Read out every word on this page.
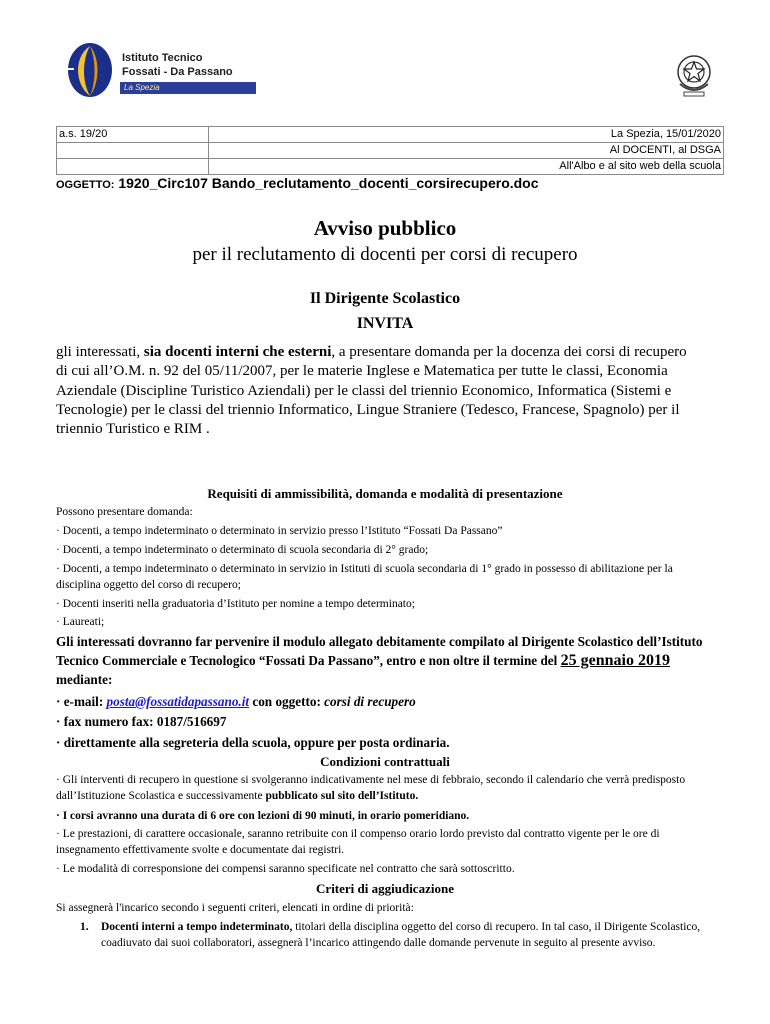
Istituto Tecnico
Fossati - Da Passano
La Spezia
a.s. 19/20	La Spezia, 15/01/2020
	Al DOCENTI, al DSGA
	All'Albo e al sito web della scuola
OGGETTO: 1920_Circ107 Bando_reclutamento_docenti_corsirecupero.doc
Avviso pubblico
per il reclutamento di docenti per corsi di recupero
Il Dirigente Scolastico
INVITA
gli interessati, sia docenti interni che esterni, a presentare domanda per la docenza dei corsi di recupero di cui all’O.M. n. 92 del 05/11/2007, per le materie Inglese e Matematica per tutte le classi, Economia Aziendale (Discipline Turistico Aziendali) per le classi del triennio Economico, Informatica (Sistemi e Tecnologie) per le classi del triennio Informatico, Lingue Straniere (Tedesco, Francese, Spagnolo) per il triennio Turistico e RIM .
Requisiti di ammissibilità, domanda e modalità di presentazione
Possono presentare domanda:
· Docenti, a tempo indeterminato o determinato in servizio presso l’Istituto “Fossati Da Passano”
· Docenti, a tempo indeterminato o determinato di scuola secondaria di 2° grado;
· Docenti, a tempo indeterminato o determinato in servizio in Istituti di scuola secondaria di 1° grado in possesso di abilitazione per la disciplina oggetto del corso di recupero;
· Docenti inseriti nella graduatoria d’Istituto per nomine a tempo determinato;
· Laureati;
Gli interessati dovranno far pervenire il modulo allegato debitamente compilato al Dirigente Scolastico dell’Istituto Tecnico Commerciale e Tecnologico “Fossati Da Passano”, entro e non oltre il termine del 25 gennaio 2019 mediante:
· e-mail: posta@fossatidapassano.it con oggetto: corsi di recupero
· fax numero fax: 0187/516697
· direttamente alla segreteria della scuola, oppure per posta ordinaria.
Condizioni contrattuali
· Gli interventi di recupero in questione si svolgeranno indicativamente nel mese di febbraio, secondo il calendario che verrà predisposto dall’Istituzione Scolastica e successivamente pubblicato sul sito dell’Istituto.
· I corsi avranno una durata di 6 ore con lezioni di 90 minuti, in orario pomeridiano.
· Le prestazioni, di carattere occasionale, saranno retribuite con il compenso orario lordo previsto dal contratto vigente per le ore di insegnamento effettivamente svolte e documentate dai registri.
· Le modalità di corresponsione dei compensi saranno specificate nel contratto che sarà sottoscritto.
Criteri di aggiudicazione
Si assegnerà l'incarico secondo i seguenti criteri, elencati in ordine di priorità:
1. Docenti interni a tempo indeterminato, titolari della disciplina oggetto del corso di recupero. In tal caso, il Dirigente Scolastico, coadiuvato dai suoi collaboratori, assegnerà l’incarico attingendo dalle domande pervenute in seguito al presente avviso.
